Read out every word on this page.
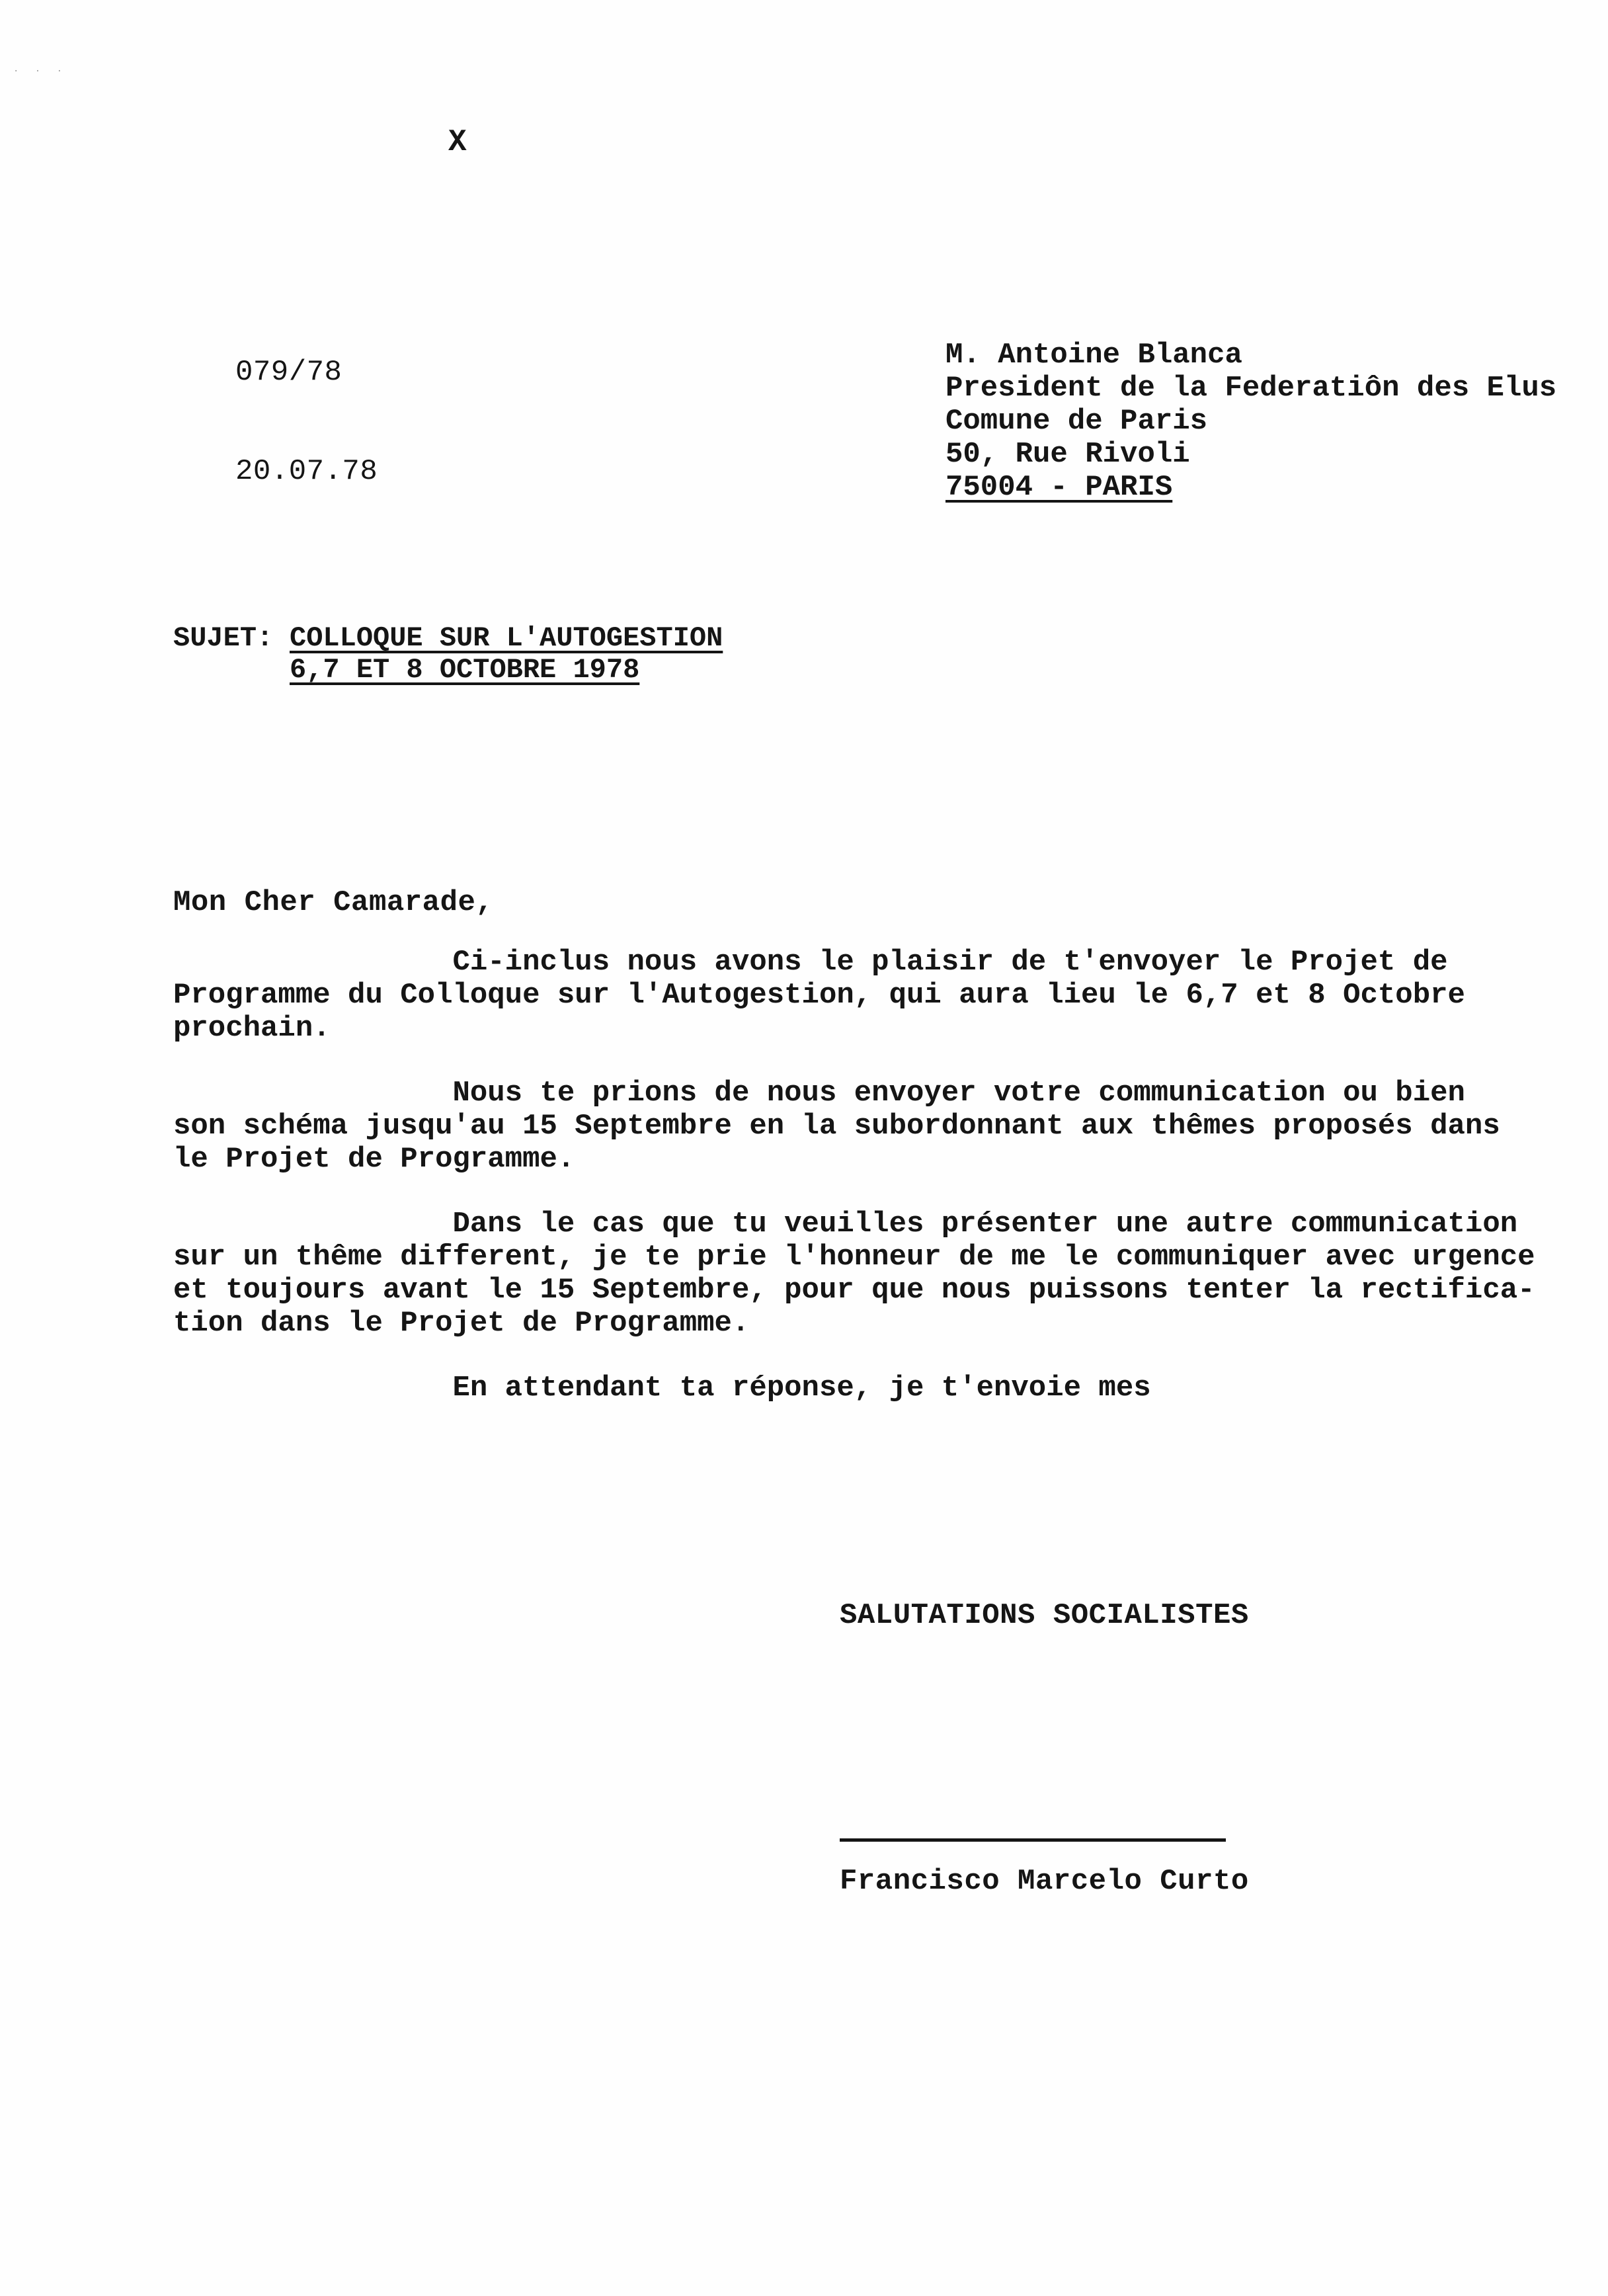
· · ·
X
079/78
20.07.78
M. Antoine Blanca
President de la Federatiôn des Elus
Comune de Paris
50, Rue Rivoli
75004 - PARIS
SUJET: COLLOQUE SUR L'AUTOGESTION
6,7 ET 8 OCTOBRE 1978
Mon Cher Camarade,
Ci-inclus nous avons le plaisir de t'envoyer le Projet de
Programme du Colloque sur l'Autogestion, qui aura lieu le 6,7 et 8 Octobre
prochain.
Nous te prions de nous envoyer votre communication ou bien
son schéma jusqu'au 15 Septembre en la subordonnant aux thêmes proposés dans
le Projet de Programme.
Dans le cas que tu veuilles présenter une autre communication
sur un thême different, je te prie l'honneur de me le communiquer avec urgence
et toujours avant le 15 Septembre, pour que nous puissons tenter la rectifica-
tion dans le Projet de Programme.
En attendant ta réponse, je t'envoie mes
SALUTATIONS SOCIALISTES
Francisco Marcelo Curto
